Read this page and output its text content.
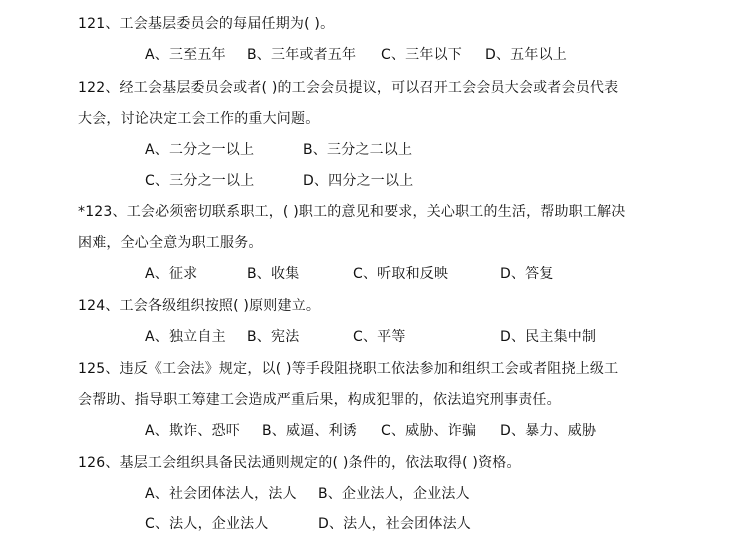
121、工会基层委员会的每届任期为( )。
A、三至五年 B、三年或者五年 C、三年以下 D、五年以上
122、经工会基层委员会或者( )的工会会员提议，可以召开工会会员大会或者会员代表
大会，讨论决定工会工作的重大问题。
A、二分之一以上	B、三分之二以上
C、三分之一以上	D、四分之一以上
*123、工会必须密切联系职工，( )职工的意见和要求，关心职工的生活，帮助职工解决
困难，全心全意为职工服务。
A、征求	B、收集	C、听取和反映	D、答复
124、工会各级组织按照( )原则建立。
A、独立自主 B、宪法	C、平等	D、民主集中制
125、违反《工会法》规定，以( )等手段阻挠职工依法参加和组织工会或者阻挠上级工
会帮助、指导职工筹建工会造成严重后果，构成犯罪的，依法追究刑事责任。
A、欺诈、恐吓 B、威逼、利诱 C、威胁、诈骗 D、暴力、威胁
126、基层工会组织具备民法通则规定的( )条件的，依法取得( )资格。
A、社会团体法人，法人 B、企业法人，企业法人
C、法人，企业法人	D、法人，社会团体法人
